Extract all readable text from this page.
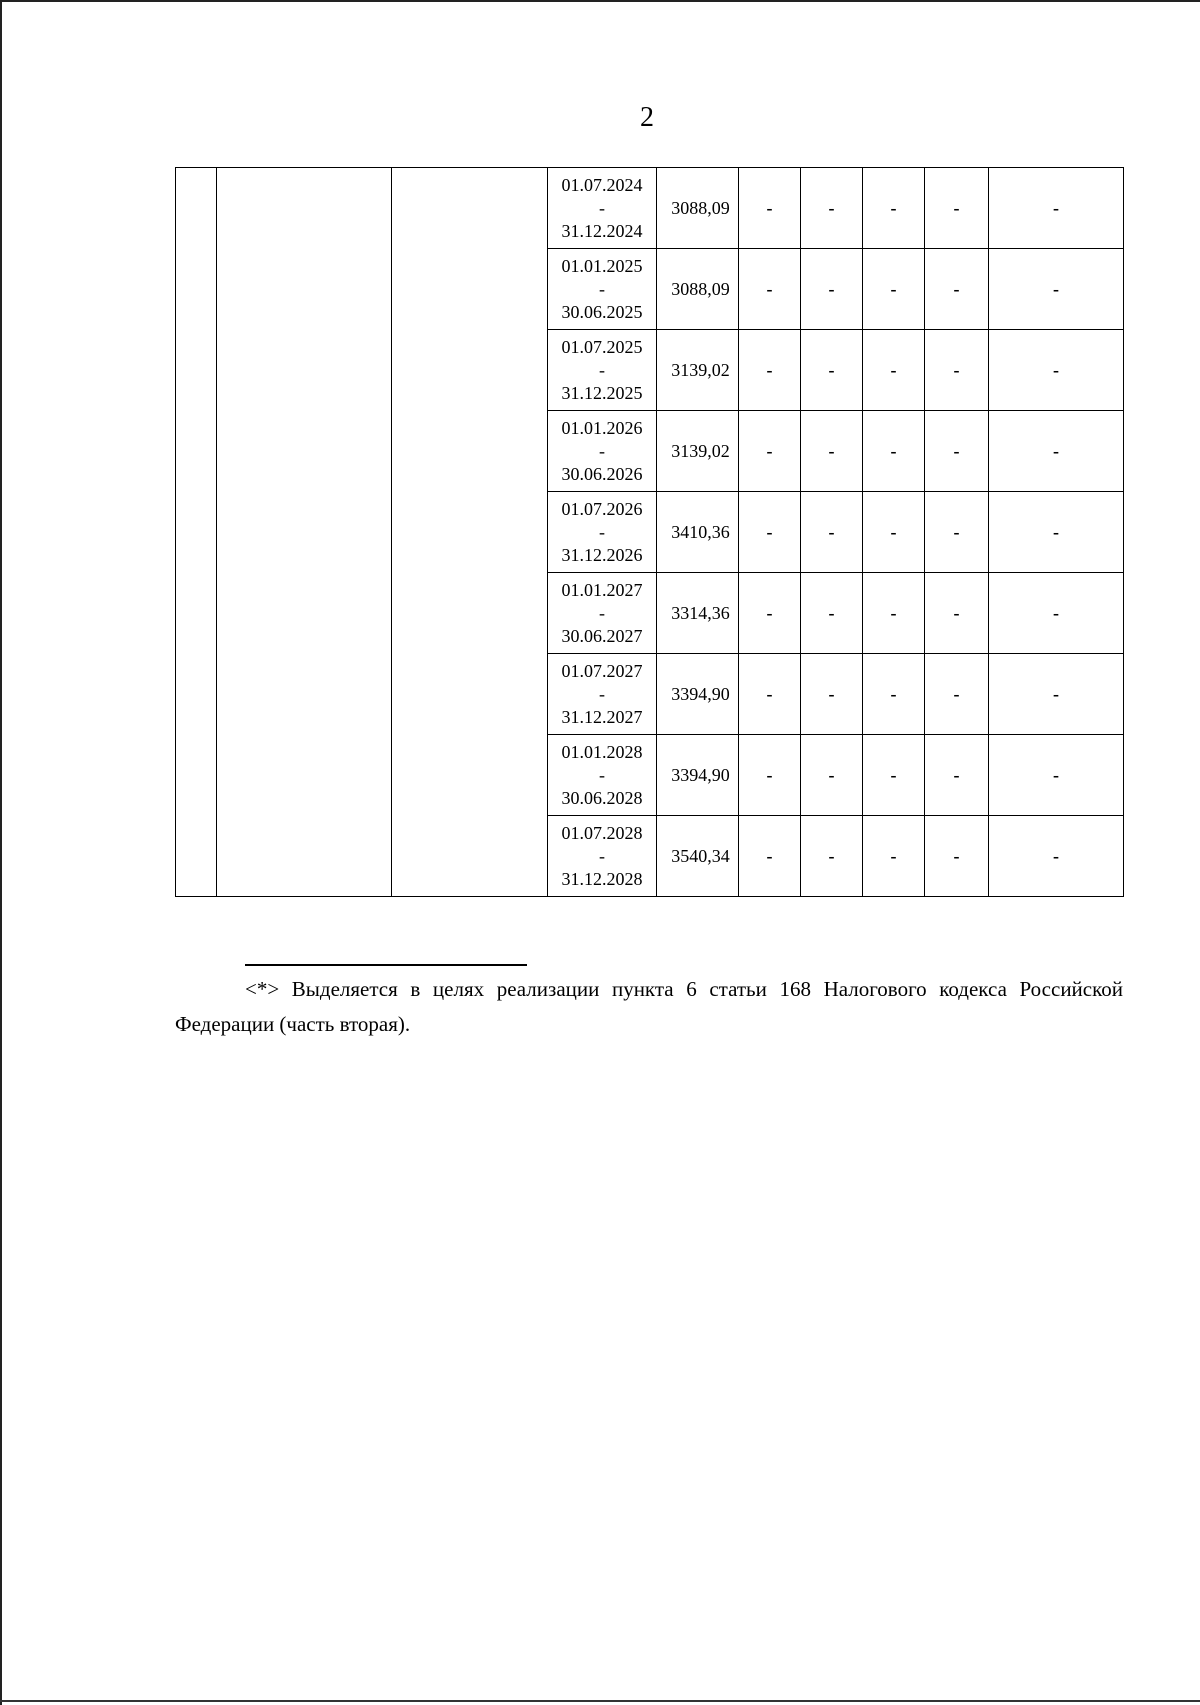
2

			01.07.2024
-
31.12.2024	3088,09	-	-	-	-	-

			01.01.2025
-
30.06.2025	3088,09	-	-	-	-	-

			01.07.2025
-
31.12.2025	3139,02	-	-	-	-	-

			01.01.2026
-
30.06.2026	3139,02	-	-	-	-	-

			01.07.2026
-
31.12.2026	3410,36	-	-	-	-	-

			01.01.2027
-
30.06.2027	3314,36	-	-	-	-	-

			01.07.2027
-
31.12.2027	3394,90	-	-	-	-	-

			01.01.2028
-
30.06.2028	3394,90	-	-	-	-	-

			01.07.2028
-
31.12.2028	3540,34	-	-	-	-	-
<*> Выделяется в целях реализации пункта 6 статьи 168 Налогового кодекса Российской Федерации (часть вторая).
